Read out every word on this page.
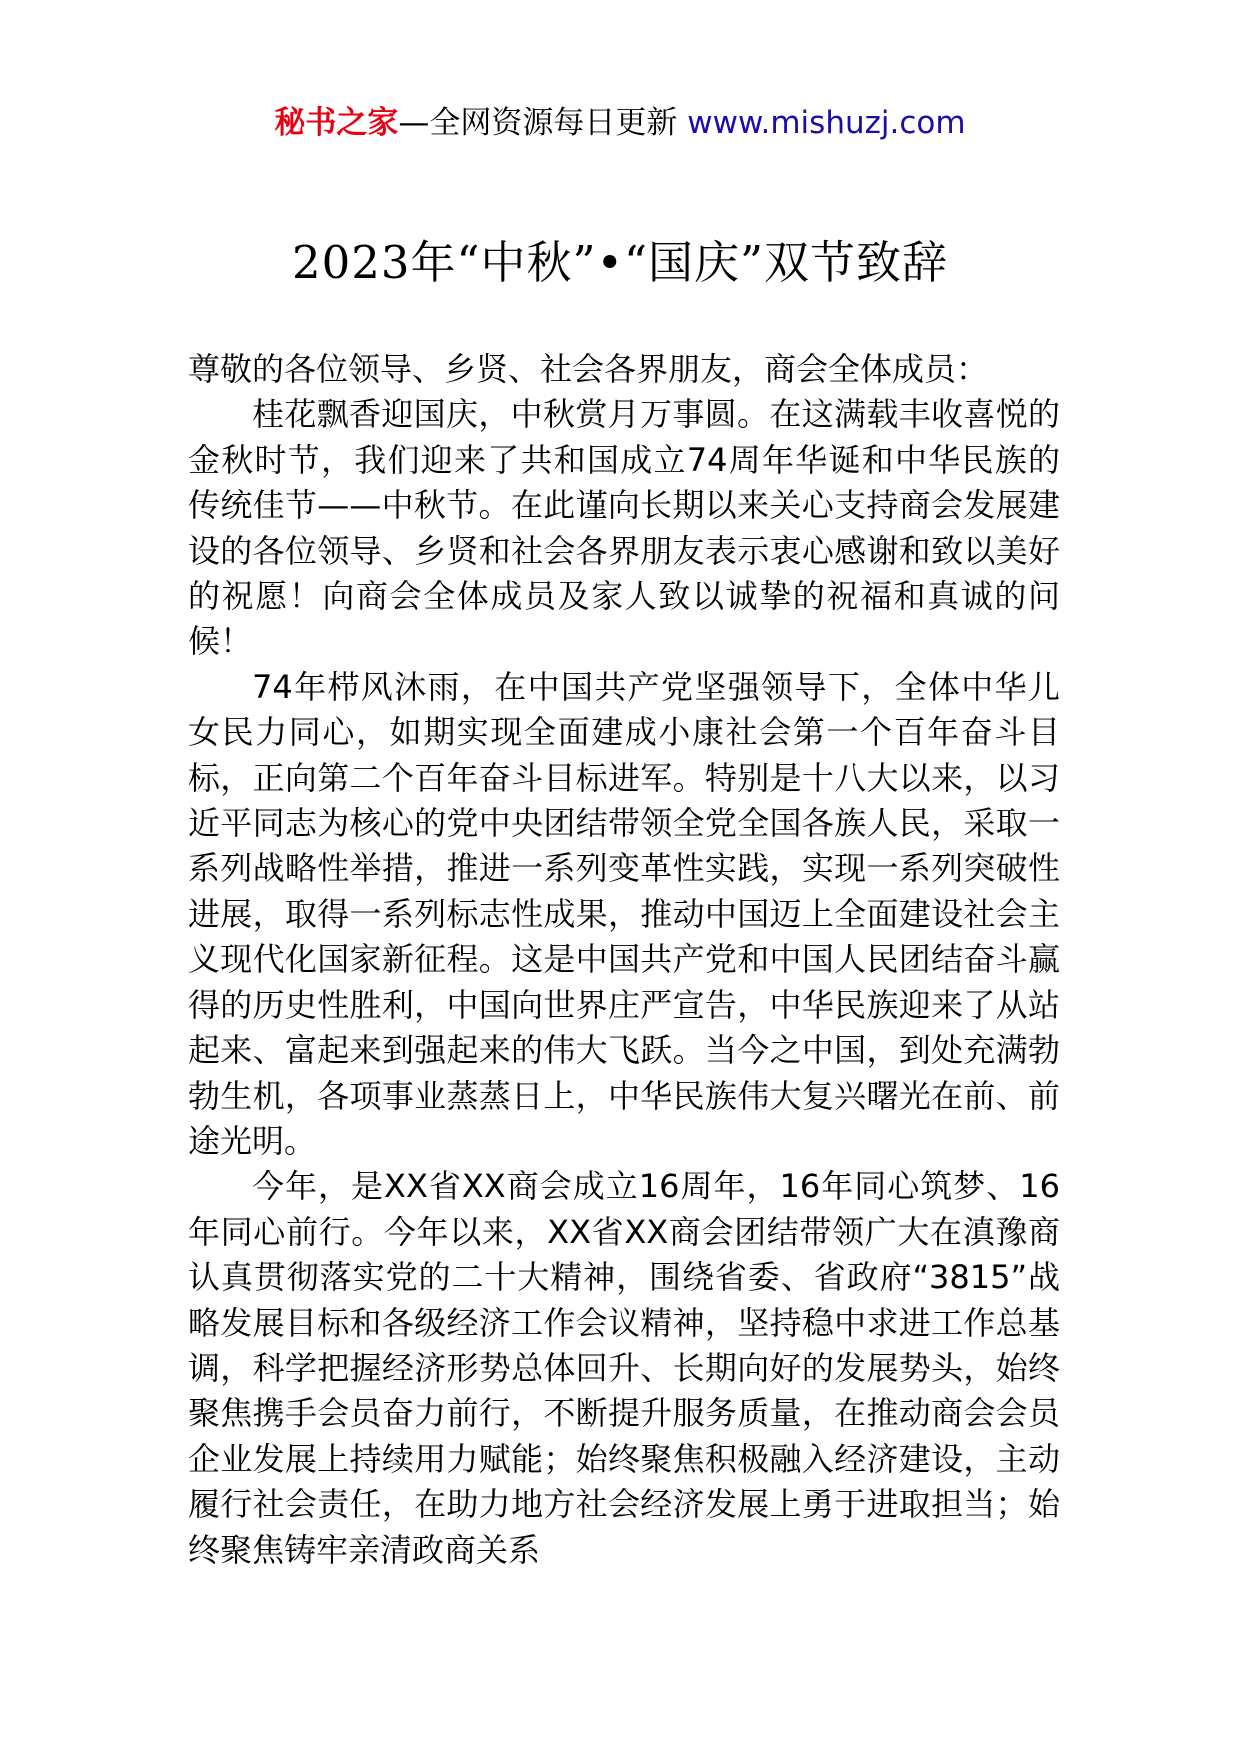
秘书之家—全网资源每日更新 www.mishuzj.com
2023年“中秋”•“国庆”双节致辞

尊敬的各位领导、乡贤、社会各界朋友，商会全体成员：

桂花飘香迎国庆，中秋赏月万事圆。在这满载丰收喜悦的金秋时节，我们迎来了共和国成立74周年华诞和中华民族的传统佳节——中秋节。在此谨向长期以来关心支持商会发展建设的各位领导、乡贤和社会各界朋友表示衷心感谢和致以美好的祝愿！向商会全体成员及家人致以诚挚的祝福和真诚的问候！

74年栉风沐雨，在中国共产党坚强领导下，全体中华儿女民力同心，如期实现全面建成小康社会第一个百年奋斗目标，正向第二个百年奋斗目标进军。特别是十八大以来，以习近平同志为核心的党中央团结带领全党全国各族人民，采取一系列战略性举措，推进一系列变革性实践，实现一系列突破性进展，取得一系列标志性成果，推动中国迈上全面建设社会主义现代化国家新征程。这是中国共产党和中国人民团结奋斗赢得的历史性胜利，中国向世界庄严宣告，中华民族迎来了从站起来、富起来到强起来的伟大飞跃。当今之中国，到处充满勃勃生机，各项事业蒸蒸日上，中华民族伟大复兴曙光在前、前途光明。

今年，是XX省XX商会成立16周年，16年同心筑梦、16年同心前行。今年以来，XX省XX商会团结带领广大在滇豫商认真贯彻落实党的二十大精神，围绕省委、省政府“3815”战略发展目标和各级经济工作会议精神，坚持稳中求进工作总基调，科学把握经济形势总体回升、长期向好的发展势头，始终聚焦携手会员奋力前行，不断提升服务质量，在推动商会会员企业发展上持续用力赋能；始终聚焦积极融入经济建设，主动履行社会责任，在助力地方社会经济发展上勇于进取担当；始终聚焦铸牢亲清政商关系
